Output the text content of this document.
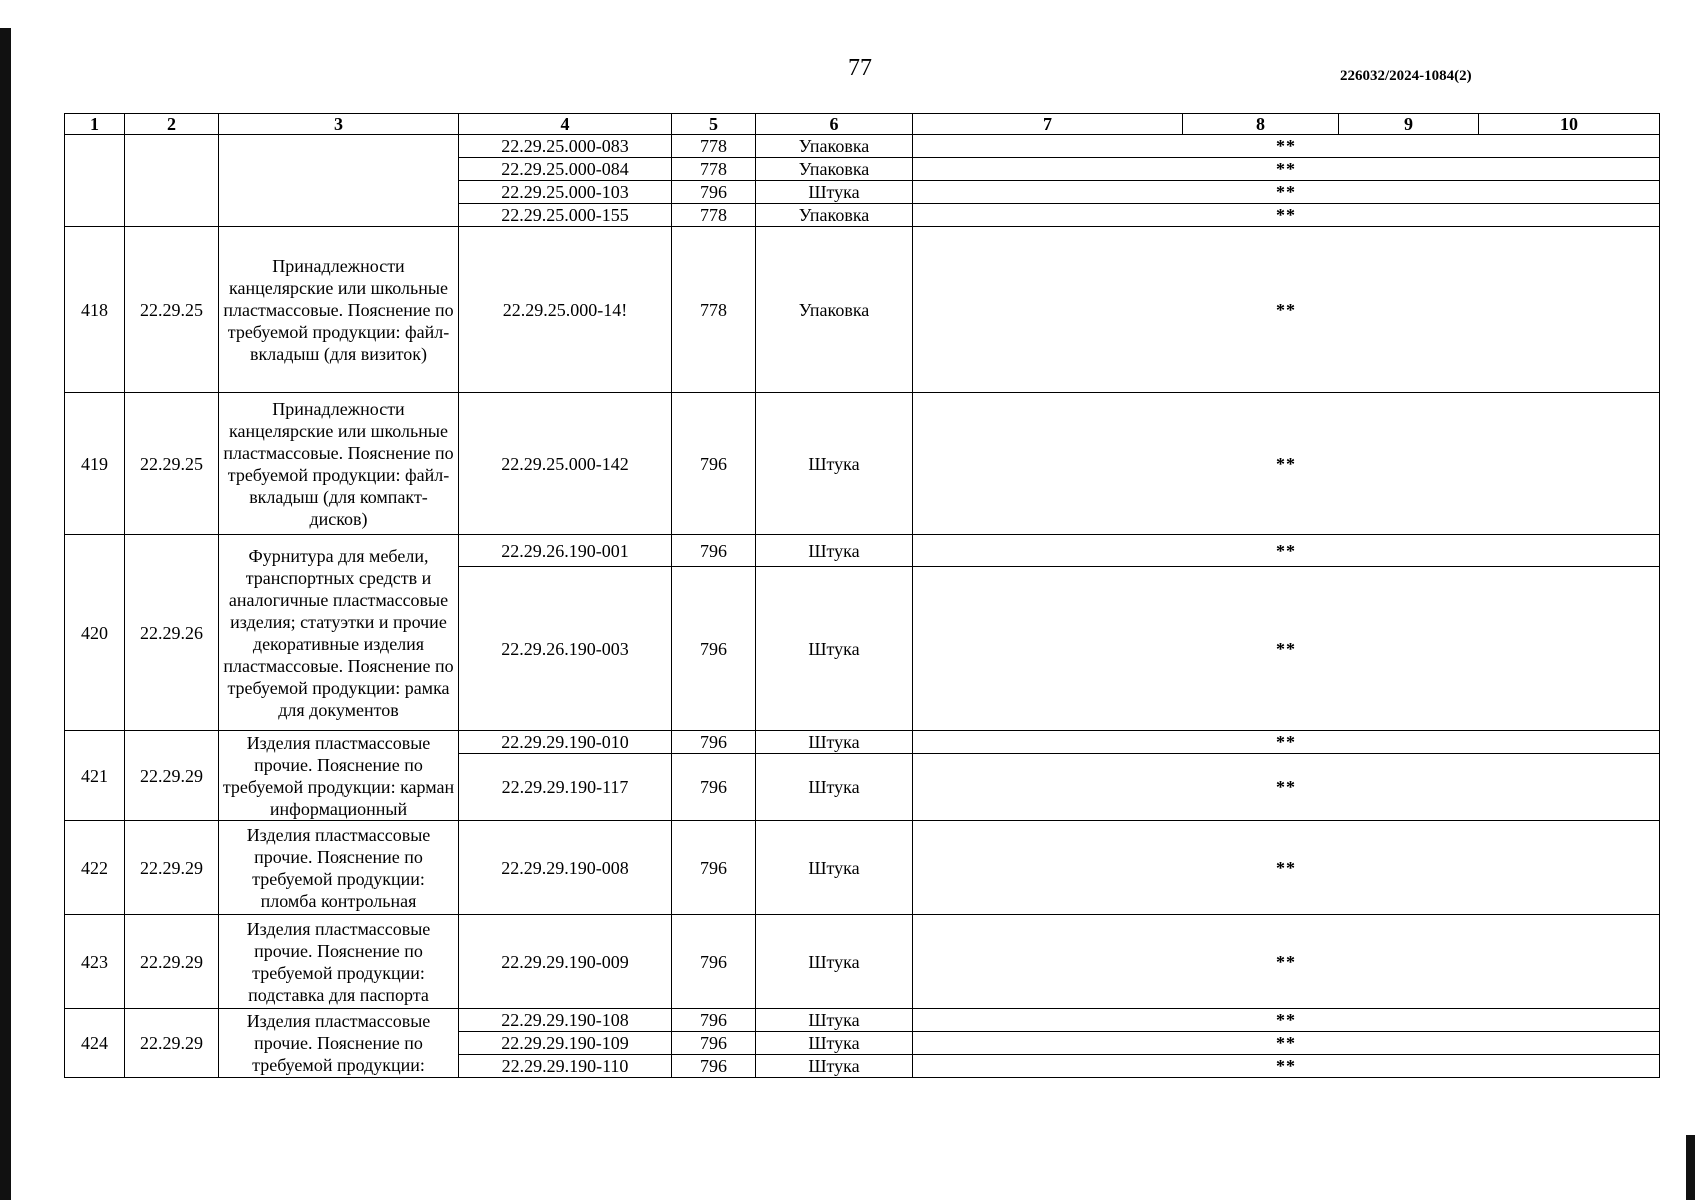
77	226032/2024-1084(2)
1	2	3	4	5	6	7	8	9	10
			22.29.25.000-083	778	Упаковка	**			
			22.29.25.000-084	778	Упаковка	**			
			22.29.25.000-103	796	Штука	**			
			22.29.25.000-155	778	Упаковка	**			
418	22.29.25	Принадлежности канцелярские или школьные пластмассовые. Пояснение по требуемой продукции: файл-вкладыш (для визиток)	22.29.25.000-14!	778	Упаковка	**			
419	22.29.25	Принадлежности канцелярские или школьные пластмассовые. Пояснение по требуемой продукции: файл-вкладыш (для компакт-дисков)	22.29.25.000-142	796	Штука	**			
420	22.29.26	Фурнитура для мебели, транспортных средств и аналогичные пластмассовые изделия; статуэтки и прочие декоративные изделия пластмассовые. Пояснение по требуемой продукции: рамка для документов	22.29.26.190-001	796	Штука	**			
			22.29.26.190-003	796	Штука	**			
421	22.29.29	Изделия пластмассовые прочие. Пояснение по требуемой продукции: карман информационный	22.29.29.190-010	796	Штука	**			
			22.29.29.190-117	796	Штука	**			
422	22.29.29	Изделия пластмассовые прочие. Пояснение по требуемой продукции: пломба контрольная	22.29.29.190-008	796	Штука	**			
423	22.29.29	Изделия пластмассовые прочие. Пояснение по требуемой продукции: подставка для паспорта	22.29.29.190-009	796	Штука	**			
424	22.29.29	Изделия пластмассовые прочие. Пояснение по требуемой продукции:	22.29.29.190-108	796	Штука	**			
			22.29.29.190-109	796	Штука	**			
			22.29.29.190-110	796	Штука	**			
